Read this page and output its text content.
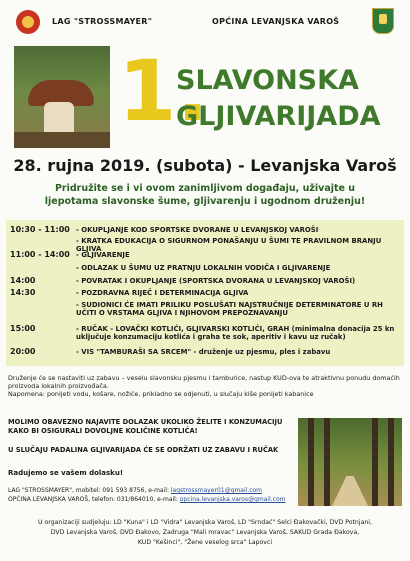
LAG "STROSSMAYER"	OPĆINA LEVANJSKA VAROŠ
1.
SLAVONSKA
GLJIVARIJADA
28. rujna 2019. (subota) - Levanjska Varoš
Pridružite se i vi ovom zanimljivom događaju, uživajte u
ljepotama slavonske šume, gljivarenju i ugodnom druženju!
10:30 - 11:00 - OKUPLJANJE KOD SPORTSKE DVORANE U LEVANJSKOJ VAROŠI
- KRATKA EDUKACIJA O SIGURNOM PONAŠANJU U ŠUMI TE PRAVILNOM BRANJU GLJIVA
11:00 - 14:00 - GLJIVARENJE
- ODLAZAK U ŠUMU UZ PRATNJU LOKALNIH VODIČA I GLJIVARENJE
14:00	- POVRATAK I OKUPLJANJE (SPORTSKA DVORANA U LEVANJSKOJ VAROŠI)
14:30	- POZDRAVNA RIJEČ I DETERMINACIJA GLJIVA
- SUDIONICI ĆE IMATI PRILIKU POSLUŠATI NAJSTRUČNIJE DETERMINATORE U RH UČITI O VRSTAMA GLJIVA I NJIHOVOM PREPOZNAVANJU
15:00	- RUČAK - LOVAČKI KOTLIĆI, GLJIVARSKI KOTLIĆI, GRAH (minimalna donacija 25 kn uključuje konzumaciju kotlića i graha te sok, aperitiv i kavu uz ručak)
20:00	- VIS "TAMBURAŠI SA SRCEM" - druženje uz pjesmu, ples i zabavu

Druženje će se nastaviti uz zabavu – veselu slavonsku pjesmu i tamburice, nastup KUD-ova te atraktivnu ponudu domaćih proizvoda lokalnih proizvođača.

Napomena: ponijeti vodu, košare, nožiće, prikladno se odjenuti, u slučaju kiše ponijeti kabanice

MOLIMO OBAVEZNO NAJAVITE DOLAZAK UKOLIKO ŽELITE I KONZUMACIJU KAKO BI OSIGURALI DOVOLJNE KOLIČINE KOTLIĆA!

U SLUČAJU PADALINA GLJIVARIJADA ĆE SE ODRŽATI UZ ZABAVU I RUČAK

Radujemo se vašem dolasku!
LAG "STROSSMAYER", mobitel: 091 593 8756, e-mail: lagstrossmayer01@gmail.com
OPĆINA LEVANJSKA VAROŠ, telefon: 031/864010, e-mail: opcina.levanjska.varos@gmail.com
U organizaciji sudjeluju: LD "Kuna" i LD "Vidra" Levanjska Varoš, LD "Srndać" Selci Đakovački, DVD Potnjani,
DVD Levanjska Varoš, DVD Đakovo, Zadruga "Mali mravac" Levanjska Varoš, SAKUD Grada Đakova,
KUD "Kešinci", "Žene veselog srca" Lapovci
